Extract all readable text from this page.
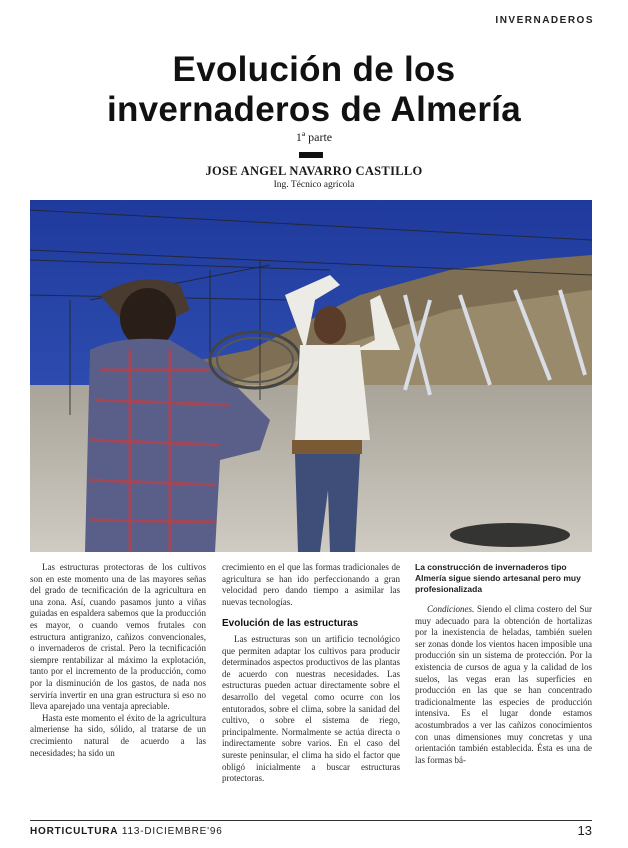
INVERNADEROS
Evolución de los
invernaderos de Almería
1ª parte
JOSE ANGEL NAVARRO CASTILLO
Ing. Técnico agrícola

Las estructuras protectoras de los cultivos son en este momento una de las mayores señas del grado de tecnificación de la agricultura en una zona. Así, cuando pasamos junto a viñas guiadas en espaldera sabemos que la producción es mayor, o cuando vemos frutales con estructura antigranizo, cañizos convencionales, o invernaderos de cristal. Pero la tecnificación siempre rentabilizar al máximo la explotación, tanto por el incremento de la producción, como por la disminución de los gastos, de nada nos serviría invertir en una gran estructura si eso no lleva aparejado una ventaja apreciable.

Hasta este momento el éxito de la agricultura almeriense ha sido, sólido, al tratarse de un crecimiento natural de acuerdo a las necesidades; ha sido un

crecimiento en el que las formas tradicionales de agricultura se han ido perfeccionando a gran velocidad pero dando tiempo a asimilar las nuevas tecnologías.

Evolución de las estructuras

Las estructuras son un artificio tecnológico que permiten adaptar los cultivos para producir determinados aspectos productivos de las plantas de acuerdo con nuestras necesidades. Las estructuras pueden actuar directamente sobre el desarrollo del vegetal como ocurre con los entutorados, sobre el clima, sobre la sanidad del cultivo, o sobre el sistema de riego, principalmente. Normalmente se actúa directa o indirectamente sobre varios. En el caso del sureste peninsular, el clima ha sido el factor que obligó inicialmente a buscar estructuras protectoras.

La construcción de invernaderos tipo Almería sigue siendo artesanal pero muy profesionalizada

Condiciones. Siendo el clima costero del Sur muy adecuado para la obtención de hortalizas por la inexistencia de heladas, también suelen ser zonas donde los vientos hacen imposible una producción sin un sistema de protección. Por la existencia de cursos de agua y la calidad de los suelos, las vegas eran las superficies en producción en las que se han concentrado tradicionalmente las especies de producción intensiva. Es el lugar donde estamos acostumbrados a ver las cañizos conocimientos con unas dimensiones muy concretas y una orientación también establecida. Ésta es una de las formas bá-

HORTICULTURA 113-DICIEMBRE'96	13
